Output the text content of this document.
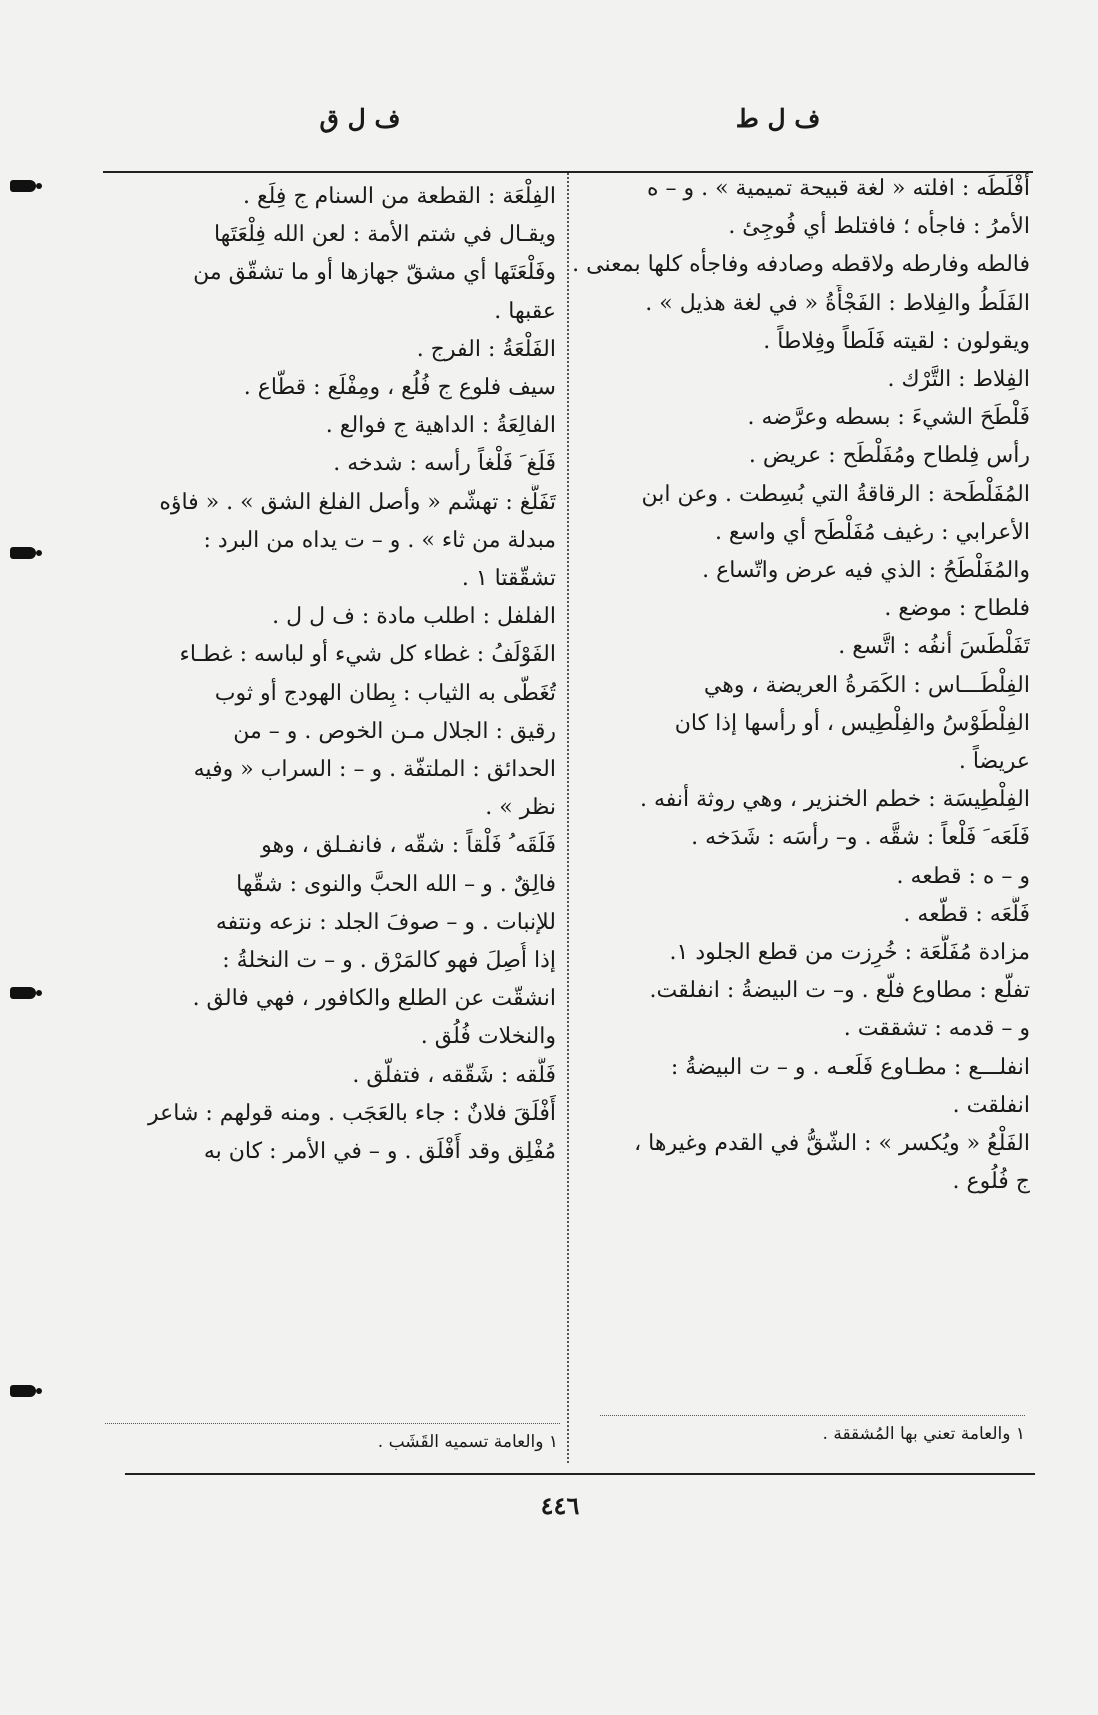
ف ل ط
ف ل ق
أفْلَطَه : افلته « لغة قبيحة تميمية » . و – ه
الأمرُ : فاجأه ؛ فافتلط أي فُوجِئ .
فالطه وفارطه ولاقطه وصادفه وفاجأه كلها بمعنى .
الفَلَطُ والفِلاط : الفَجْأَةُ « في لغة هذيل » .
ويقولون : لقيته فَلَطاً وفِلاطاً .
الفِلاط : التَّرْك .
فَلْطَحَ الشيءَ : بسطه وعرَّضه .
رأس فِلطاح ومُفَلْطَح : عريض .
المُفَلْطَحة : الرقاقةُ التي بُسِطت . وعن ابن
الأعرابي : رغيف مُفَلْطَح أي واسع .
والمُفَلْطَحُ : الذي فيه عرض واتّساع .
فلطاح : موضع .
تَفَلْطَسَ أنفُه : اتَّسع .
الفِلْطَـــاس : الكَمَرةُ العريضة ، وهي
الفِلْطَوْسُ والفِلْطِيس ، أو رأسها إذا كان
عريضاً .
الفِلْطِيسَة : خطم الخنزير ، وهي روثة أنفه .
فَلَعَه َ فَلْعاً : شقَّه . و– رأسَه : شَدَخه .
و – ه : قطعه .
فَلَّعَه : قطّعه .
مزادة مُفَلَّعَة : خُرِزت من قطع الجلود ١.
تفلّع : مطاوع فلّع . و– ت البيضةُ : انفلقت.
و – قدمه : تشققت .
انفلـــع : مطـاوع فَلَعـه . و – ت البيضةُ :
انفلقت .
الفَلْعُ « ويُكسر » : الشّقُّ في القدم وغيرها ،
ج فُلُوع .
الفِلْعَة : القطعة من السنام ج فِلَع .
ويقـال في شتم الأمة : لعن الله فِلْعَتَها
وفَلْعَتَها أي مشقّ جهازها أو ما تشقّق من
عقبها .
الفَلْعَةُ : الفرج .
سيف فلوع ج فُلُع ، ومِفْلَع : قطّاع .
الفالِعَةُ : الداهية ج فوالع .
فَلَغ َ فَلْغاً رأسه : شدخه .
تَفَلَّغ : تهشّم « وأصل الفلغ الشق » . « فاؤه
مبدلة من ثاء » . و – ت يداه من البرد :
تشقّقتا ١ .
الفلفل : اطلب مادة : ف ل ل .
الفَوْلَفُ : غطاء كل شيء أو لباسه : غطـاء
تُغَطّى به الثياب : بِطان الهودج أو ثوب
رقيق : الجلال مـن الخوص . و – من
الحدائق : الملتفّة . و – : السراب « وفيه
نظر » .
فَلَقَه ُ فَلْقاً : شقّه ، فانفـلق ، وهو
فالِقٌ . و – الله الحبَّ والنوى : شقّها
للإنبات . و – صوفَ الجلد : نزعه ونتفه
إذا أُصِلَ فهو كالمَرْق . و – ت النخلةُ :
انشقّت عن الطلع والكافور ، فهي فالق .
والنخلات فُلُق .
فَلَّقه : شَقّقه ، فتفلّق .
أَفْلَقَ فلانٌ : جاء بالعَجَب . ومنه قولهم : شاعر
مُفْلِق وقد أَفْلَق . و – في الأمر : كان به
١ والعامة تعني بها المُشققة .
١ والعامة تسميه القَشَب .
٤٤٦
